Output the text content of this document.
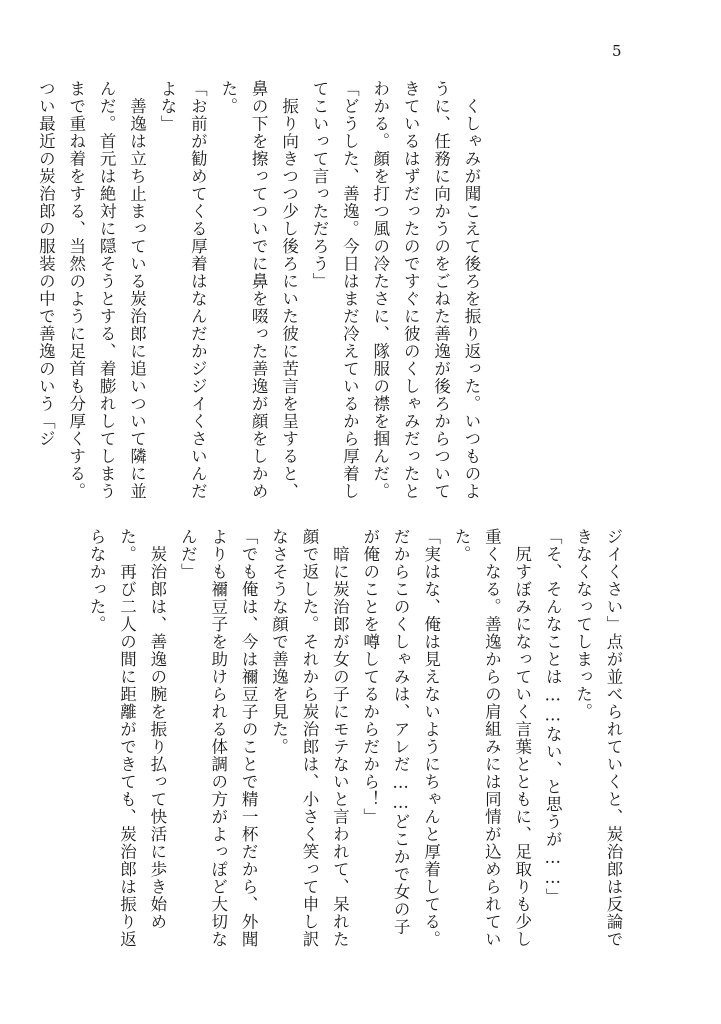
5

　くしゃみが聞こえて後ろを振り返った。いつものように、任務に向かうのをごねた善逸が後ろからついてきているはずだったのですぐに彼のくしゃみだったとわかる。顔を打つ風の冷たさに、隊服の襟を掴んだ。

「どうした、善逸。今日はまだ冷えているから厚着してこいって言っただろう」

　振り向きつつ少し後ろにいた彼に苦言を呈すると、鼻の下を擦ってついでに鼻を啜った善逸が顔をしかめた。

「お前が勧めてくる厚着はなんだかジジイくさいんだよな」

　善逸は立ち止まっている炭治郎に追いついて隣に並んだ。首元は絶対に隠そうとする、着膨れしてしまうまで重ね着をする、当然のように足首も分厚くする。つい最近の炭治郎の服装の中で善逸のいう「ジ

ジイくさい」点が並べられていくと、炭治郎は反論できなくなってしまった。

「そ、そんなことは……ない、と思うが……」

　尻すぼみになっていく言葉とともに、足取りも少し重くなる。善逸からの肩組みには同情が込められていた。

「実はな、俺は見えないようにちゃんと厚着してる。だからこのくしゃみは、アレだ……どこかで女の子が俺のことを噂してるからだから！」

　暗に炭治郎が女の子にモテないと言われて、呆れた顔で返した。それから炭治郎は、小さく笑って申し訳なさそうな顔で善逸を見た。

「でも俺は、今は禰豆子のことで精一杯だから、外聞よりも禰豆子を助けられる体調の方がよっぽど大切なんだ」

　炭治郎は、善逸の腕を振り払って快活に歩き始めた。再び二人の間に距離ができても、炭治郎は振り返らなかった。
